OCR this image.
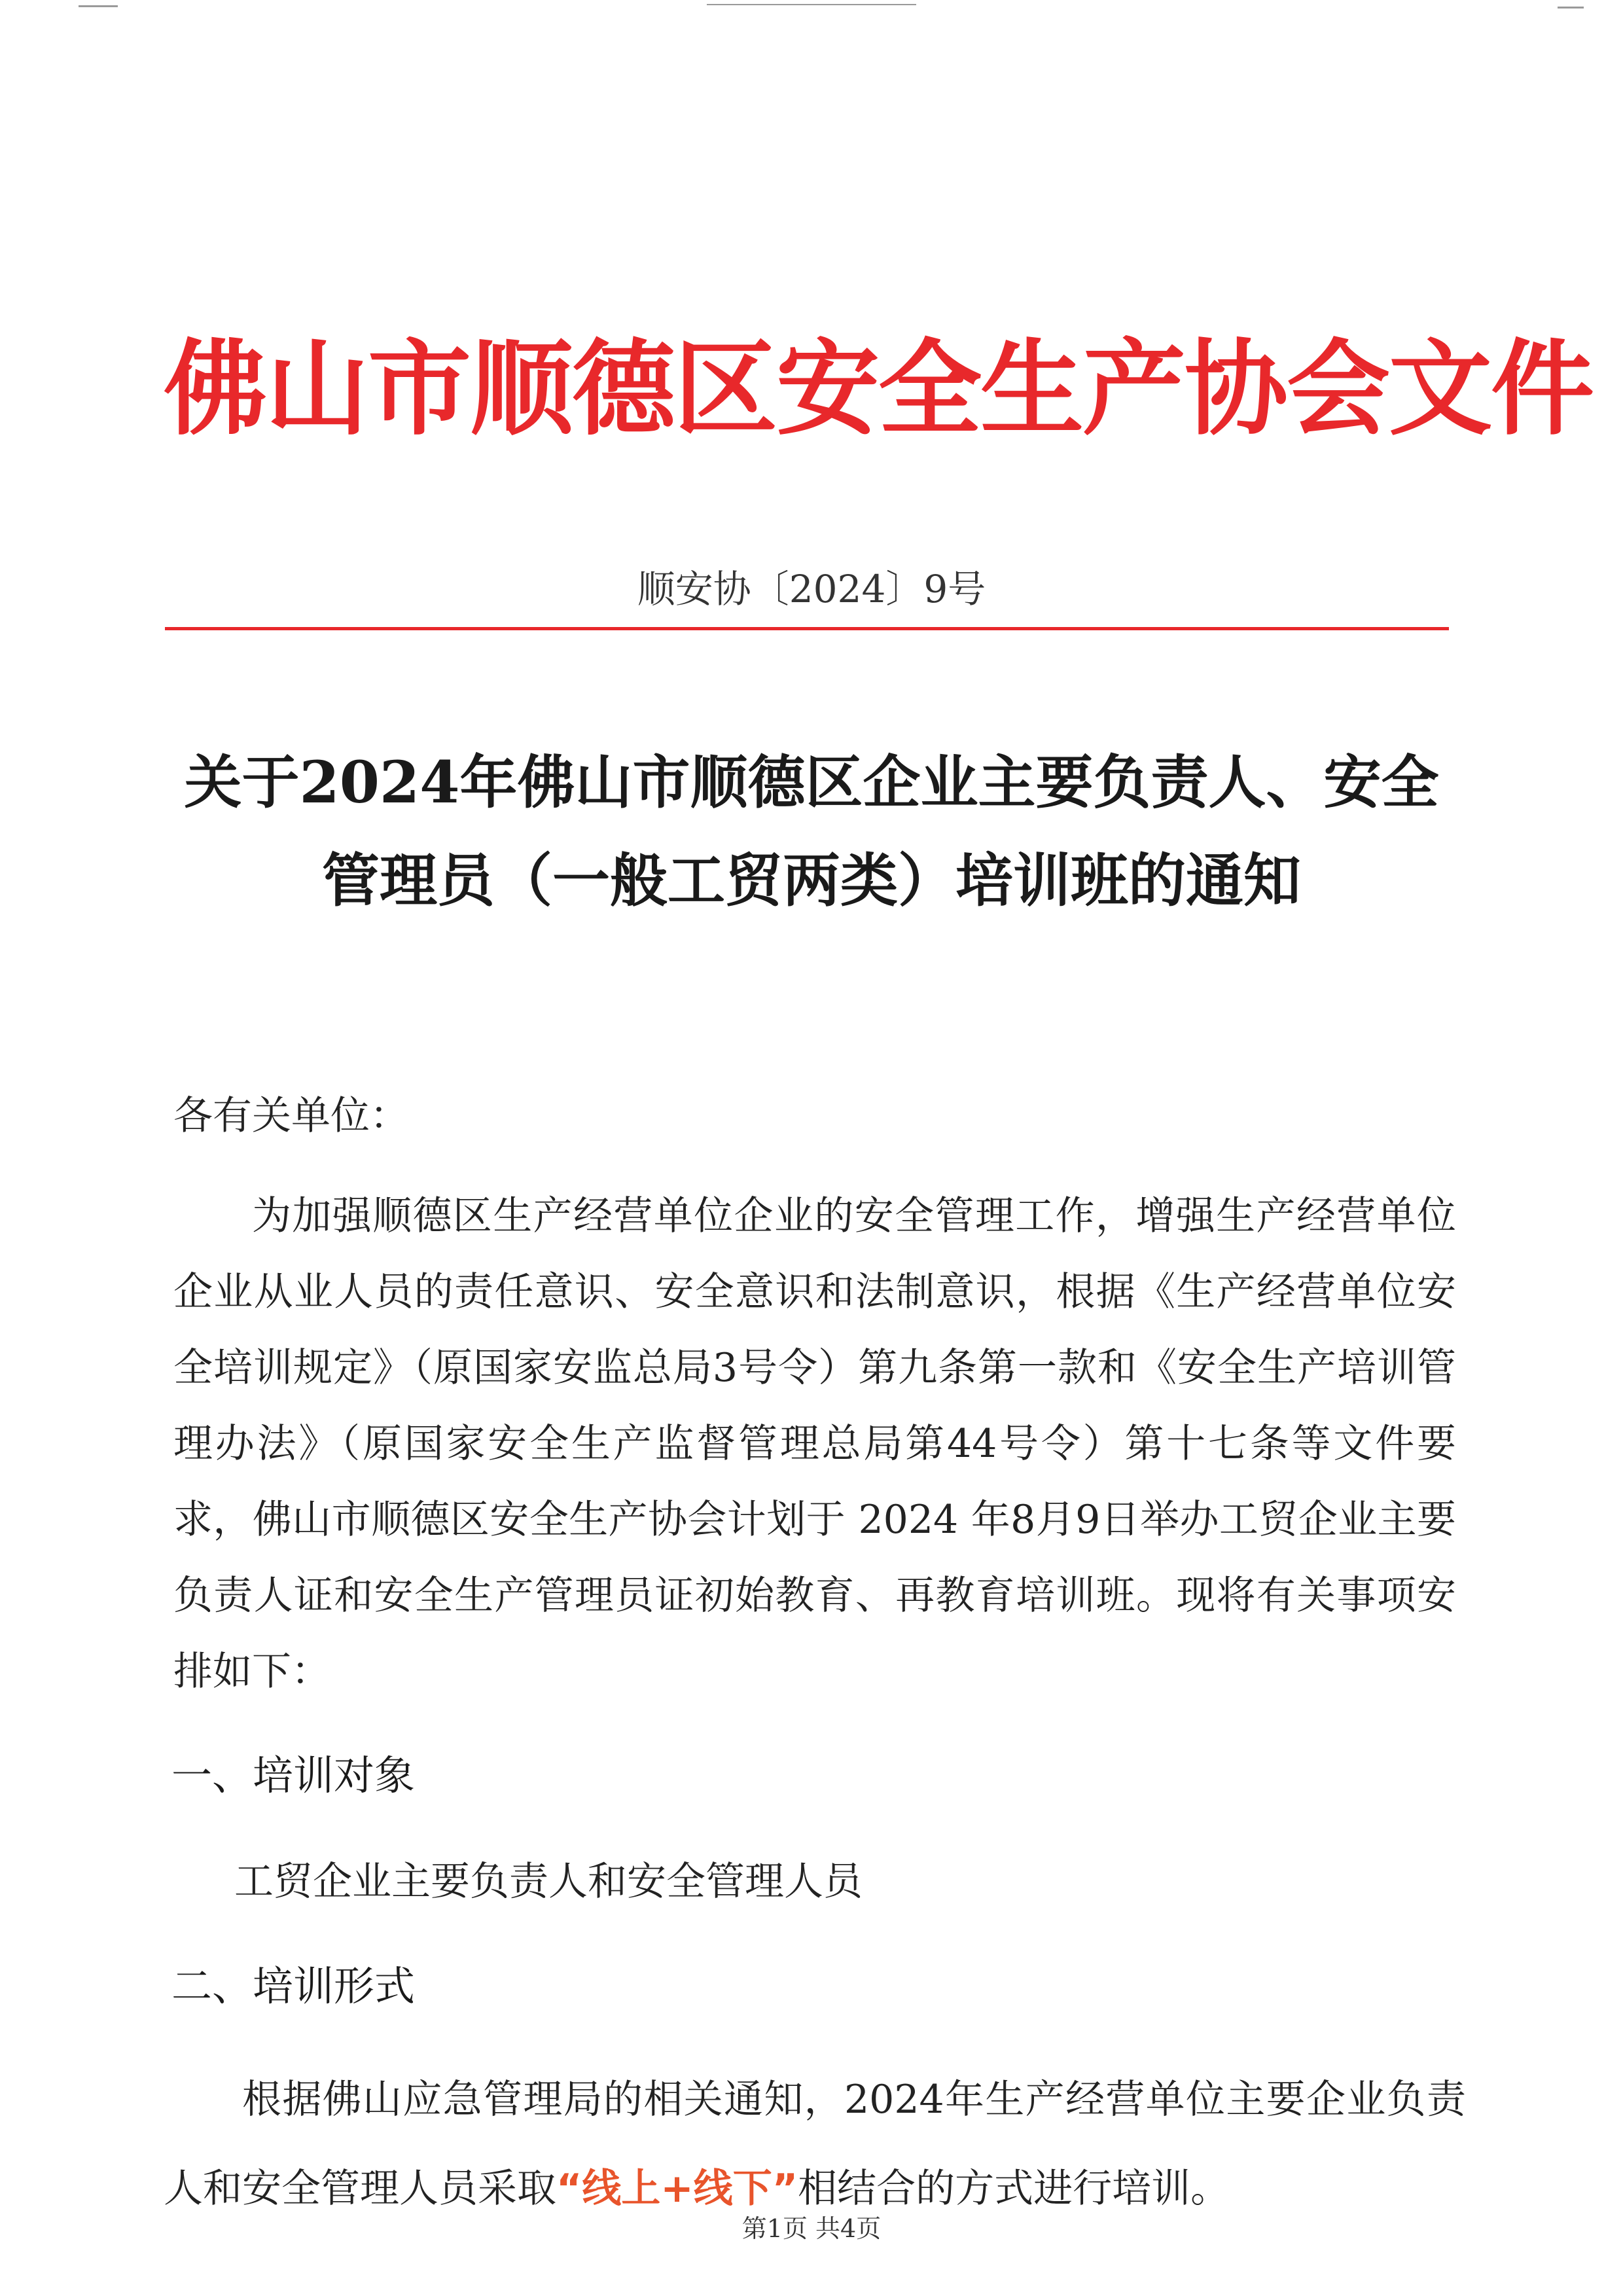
佛山市顺德区安全生产协会文件
顺安协〔2024〕9号
关于2024年佛山市顺德区企业主要负责人、安全
管理员（一般工贸两类）培训班的通知
各有关单位：
为加强顺德区生产经营单位企业的安全管理工作，增强生产经营单位企业从业人员的责任意识、安全意识和法制意识，根据《生产经营单位安全培训规定》（原国家安监总局3号令）第九条第一款和《安全生产培训管理办法》（原国家安全生产监督管理总局第44号令）第十七条等文件要求，佛山市顺德区安全生产协会计划于 2024 年8月9日举办工贸企业主要负责人证和安全生产管理员证初始教育、再教育培训班。现将有关事项安排如下：
一、培训对象
工贸企业主要负责人和安全管理人员
二、培训形式
根据佛山应急管理局的相关通知，2024年生产经营单位主要企业负责人和安全管理人员采取“线上+线下”相结合的方式进行培训。
第1页 共4页
